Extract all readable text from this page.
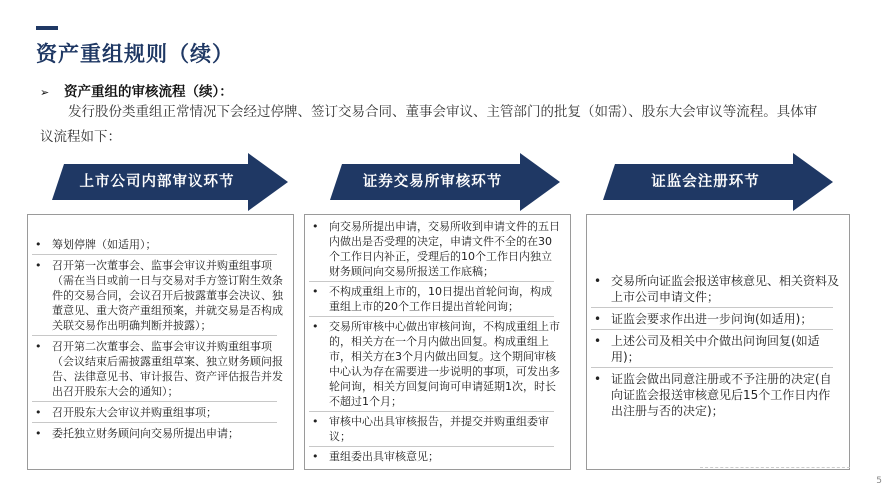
资产重组规则（续）
➢ 资产重组的审核流程（续）：
发行股份类重组正常情况下会经过停牌、签订交易合同、董事会审议、主管部门的批复（如需）、股东大会审议等流程。具体审议流程如下：
上市公司内部审议环节	证券交易所审核环节	证监会注册环节
• 筹划停牌（如适用）；
• 召开第一次董事会、监事会审议并购重组事项（需在当日或前一日与交易对手方签订附生效条件的交易合同，会议召开后披露董事会决议、独董意见、重大资产重组预案，并就交易是否构成关联交易作出明确判断并披露）；
• 召开第二次董事会、监事会审议并购重组事项（会议结束后需披露重组草案、独立财务顾问报告、法律意见书、审计报告、资产评估报告并发出召开股东大会的通知）；
• 召开股东大会审议并购重组事项；
• 委托独立财务顾问向交易所提出申请；
• 向交易所提出申请，交易所收到申请文件的五日内做出是否受理的决定，申请文件不全的在30个工作日内补正，受理后的10个工作日内独立财务顾问向交易所报送工作底稿；
• 不构成重组上市的，10日提出首轮问询，构成重组上市的20个工作日提出首轮问询；
• 交易所审核中心做出审核问询，不构成重组上市的，相关方在一个月内做出回复。构成重组上市，相关方在3个月内做出回复。这个期间审核中心认为存在需要进一步说明的事项，可发出多轮问询，相关方回复问询可申请延期1次，时长不超过1个月；
• 审核中心出具审核报告，并提交并购重组委审议；
• 重组委出具审核意见；
• 交易所向证监会报送审核意见、相关资料及上市公司申请文件；
• 证监会要求作出进一步问询(如适用)；
• 上述公司及相关中介做出问询回复(如适用)；
• 证监会做出同意注册或不予注册的决定(自向证监会报送审核意见后15个工作日内作出注册与否的决定)；
5
